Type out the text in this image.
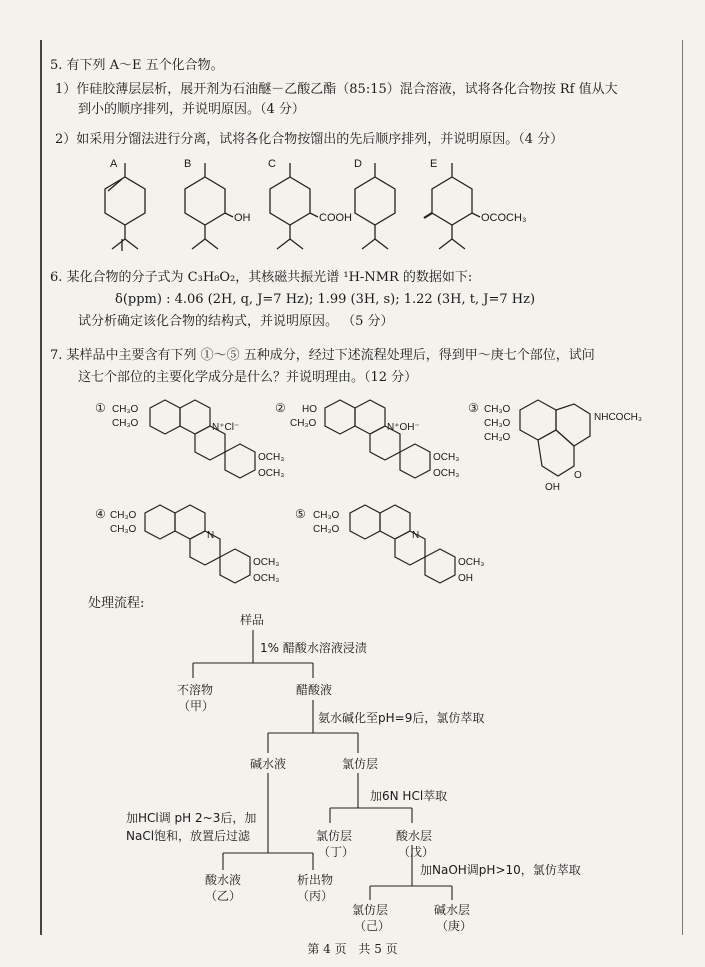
5. 有下列 A～E 五个化合物。
1）作硅胶薄层层析，展开剂为石油醚－乙酸乙酯（85:15）混合溶液，试将各化合物按 Rf 值从大
到小的顺序排列，并说明原因。（4 分）
2）如采用分馏法进行分离，试将各化合物按馏出的先后顺序排列，并说明原因。（4 分）
A	B	C	D	E
OH	COOH	OCOCH₃
6. 某化合物的分子式为 C₃H₈O₂，其核磁共振光谱 ¹H-NMR 的数据如下:
δ(ppm) : 4.06 (2H, q, J=7 Hz); 1.99 (3H, s); 1.22 (3H, t, J=7 Hz)
试分析确定该化合物的结构式，并说明原因。 （5 分）
7. 某样品中主要含有下列 ①～⑤ 五种成分，经过下述流程处理后，得到甲～庚七个部位，试问
这七个部位的主要化学成分是什么？并说明理由。（12 分）
① CH₃O
CH₃O	N⁺Cl⁻
OCH₃
OCH₃
② HO
CH₃O	N⁺OH⁻
OCH₃
OCH₃
③ CH₃O
CH₃O
CH₃O
NHCOCH₃
O
OH
④ CH₃O
CH₃O
N
OCH₃
OCH₃
⑤ CH₃O
CH₃O
N
OCH₃
OH
处理流程:
样品
1% 醋酸水溶液浸渍
不溶物
（甲）
醋酸液
氨水碱化至pH=9后，氯仿萃取
碱水液	氯仿层
加6N HCl萃取
加HCl调 pH 2~3后，加
NaCl饱和，放置后过滤	氯仿层
（丁）
酸水层
（戊）
加NaOH调pH>10，氯仿萃取
酸水液
（乙）
析出物
（丙）
氯仿层
（己）
碱水层
（庚）
第 4 页 共 5 页
